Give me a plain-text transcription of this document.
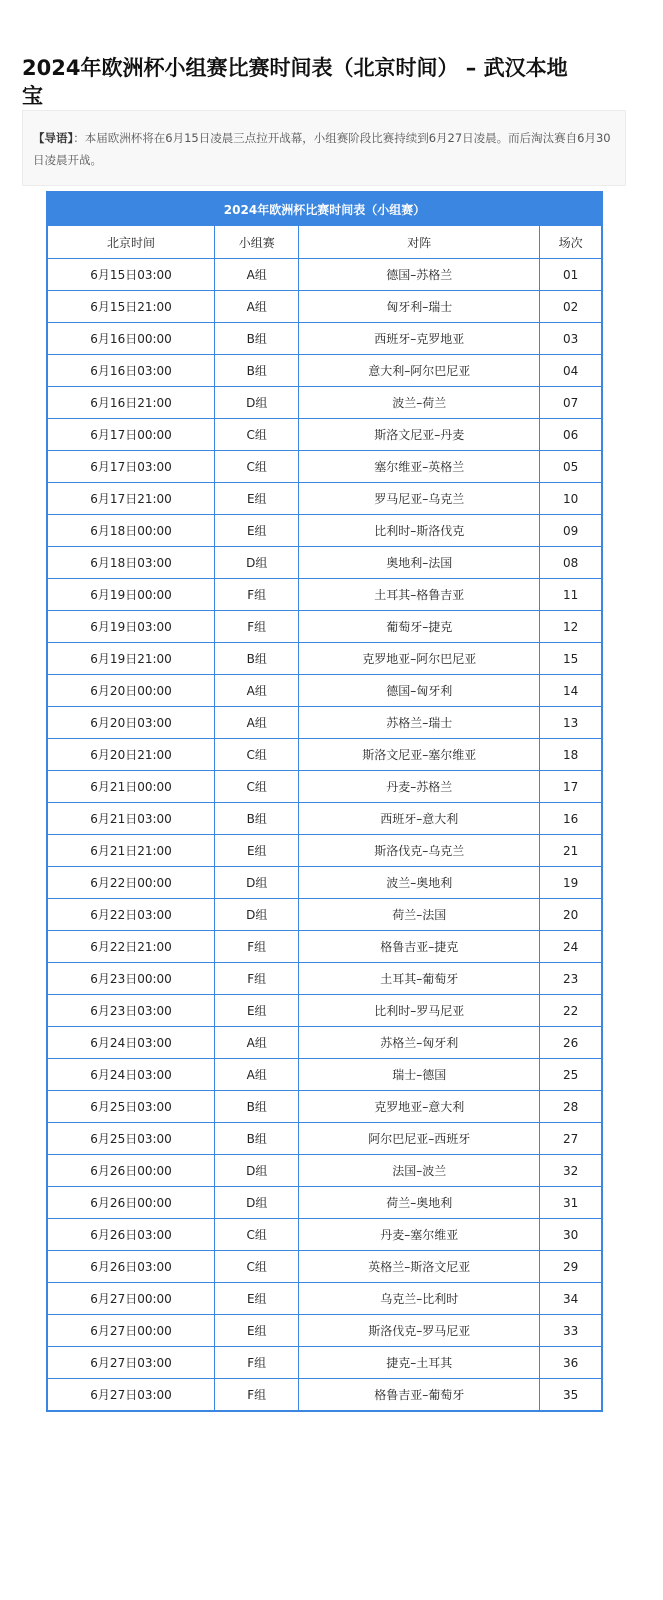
2024年欧洲杯小组赛比赛时间表（北京时间） – 武汉本地宝
【导语】：本届欧洲杯将在6月15日凌晨三点拉开战幕，小组赛阶段比赛持续到6月27日凌晨。而后淘汰赛自6月30日凌晨开战。
2024年欧洲杯比赛时间表（小组赛）			
北京时间	小组赛	对阵	场次
6月15日03:00	A组	德国–苏格兰	01
6月15日21:00	A组	匈牙利–瑞士	02
6月16日00:00	B组	西班牙–克罗地亚	03
6月16日03:00	B组	意大利–阿尔巴尼亚	04
6月16日21:00	D组	波兰–荷兰	07
6月17日00:00	C组	斯洛文尼亚–丹麦	06
6月17日03:00	C组	塞尔维亚–英格兰	05
6月17日21:00	E组	罗马尼亚–乌克兰	10
6月18日00:00	E组	比利时–斯洛伐克	09
6月18日03:00	D组	奥地利–法国	08
6月19日00:00	F组	土耳其–格鲁吉亚	11
6月19日03:00	F组	葡萄牙–捷克	12
6月19日21:00	B组	克罗地亚–阿尔巴尼亚	15
6月20日00:00	A组	德国–匈牙利	14
6月20日03:00	A组	苏格兰–瑞士	13
6月20日21:00	C组	斯洛文尼亚–塞尔维亚	18
6月21日00:00	C组	丹麦–苏格兰	17
6月21日03:00	B组	西班牙–意大利	16
6月21日21:00	E组	斯洛伐克–乌克兰	21
6月22日00:00	D组	波兰–奥地利	19
6月22日03:00	D组	荷兰–法国	20
6月22日21:00	F组	格鲁吉亚–捷克	24
6月23日00:00	F组	土耳其–葡萄牙	23
6月23日03:00	E组	比利时–罗马尼亚	22
6月24日03:00	A组	苏格兰–匈牙利	26
6月24日03:00	A组	瑞士–德国	25
6月25日03:00	B组	克罗地亚–意大利	28
6月25日03:00	B组	阿尔巴尼亚–西班牙	27
6月26日00:00	D组	法国–波兰	32
6月26日00:00	D组	荷兰–奥地利	31
6月26日03:00	C组	丹麦–塞尔维亚	30
6月26日03:00	C组	英格兰–斯洛文尼亚	29
6月27日00:00	E组	乌克兰–比利时	34
6月27日00:00	E组	斯洛伐克–罗马尼亚	33
6月27日03:00	F组	捷克–土耳其	36
6月27日03:00	F组	格鲁吉亚–葡萄牙	35
